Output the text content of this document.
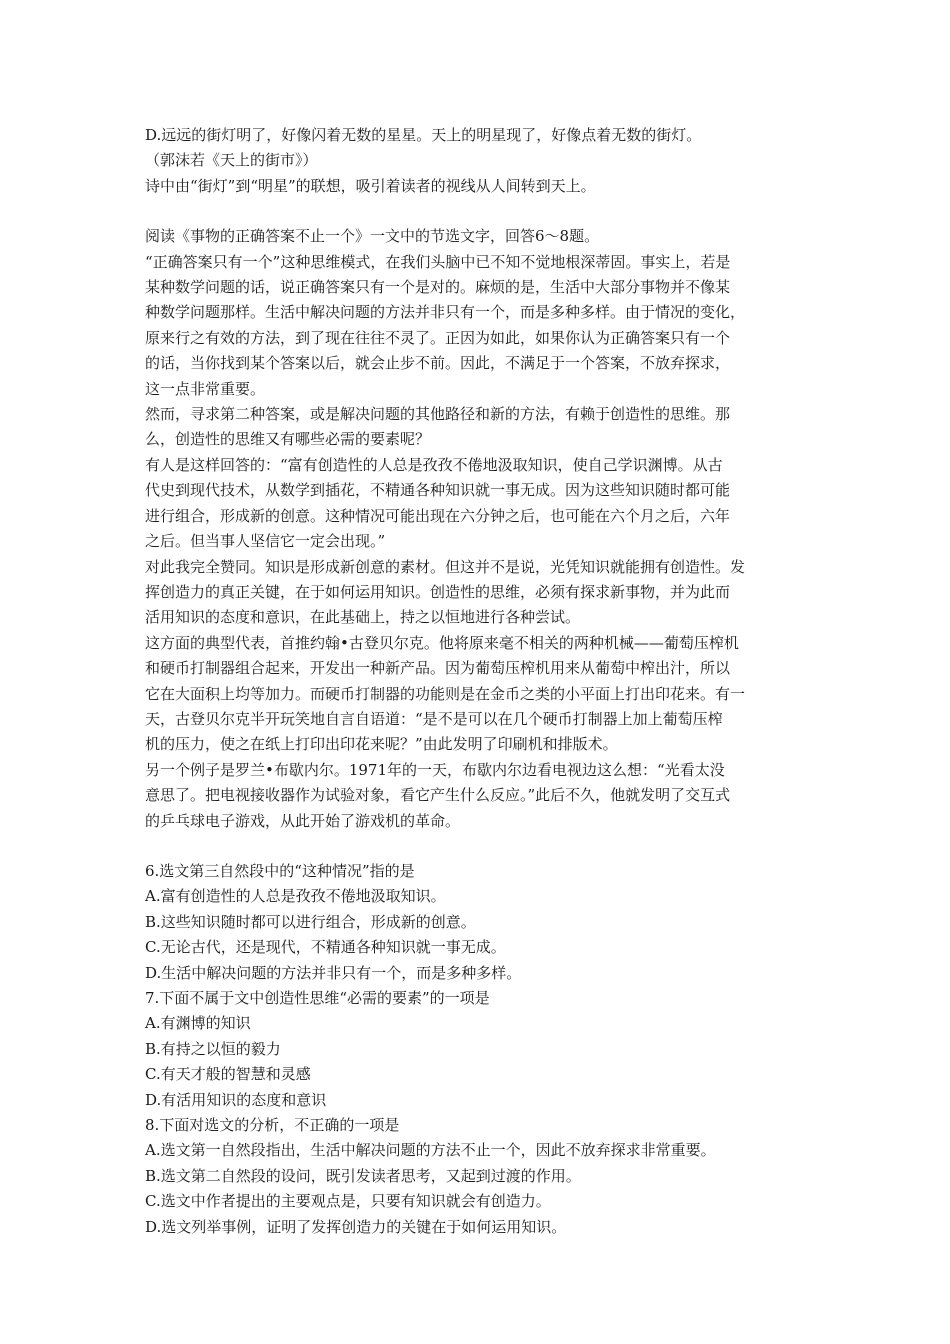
D.远远的街灯明了，好像闪着无数的星星。天上的明星现了，好像点着无数的街灯。
（郭沫若《天上的街市》）
诗中由“街灯”到“明星”的联想，吸引着读者的视线从人间转到天上。
阅读《事物的正确答案不止一个》一文中的节选文字，回答6～8题。
“正确答案只有一个”这种思维模式，在我们头脑中已不知不觉地根深蒂固。事实上，若是
某种数学问题的话，说正确答案只有一个是对的。麻烦的是，生活中大部分事物并不像某
种数学问题那样。生活中解决问题的方法并非只有一个，而是多种多样。由于情况的变化，
原来行之有效的方法，到了现在往往不灵了。正因为如此，如果你认为正确答案只有一个
的话，当你找到某个答案以后，就会止步不前。因此，不满足于一个答案，不放弃探求，
这一点非常重要。
然而，寻求第二种答案，或是解决问题的其他路径和新的方法，有赖于创造性的思维。那
么，创造性的思维又有哪些必需的要素呢？
有人是这样回答的：“富有创造性的人总是孜孜不倦地汲取知识，使自己学识渊博。从古
代史到现代技术，从数学到插花，不精通各种知识就一事无成。因为这些知识随时都可能
进行组合，形成新的创意。这种情况可能出现在六分钟之后，也可能在六个月之后，六年
之后。但当事人坚信它一定会出现。”
对此我完全赞同。知识是形成新创意的素材。但这并不是说，光凭知识就能拥有创造性。发
挥创造力的真正关键，在于如何运用知识。创造性的思维，必须有探求新事物，并为此而
活用知识的态度和意识，在此基础上，持之以恒地进行各种尝试。
这方面的典型代表，首推约翰•古登贝尔克。他将原来毫不相关的两种机械——葡萄压榨机
和硬币打制器组合起来，开发出一种新产品。因为葡萄压榨机用来从葡萄中榨出汁，所以
它在大面积上均等加力。而硬币打制器的功能则是在金币之类的小平面上打出印花来。有一
天，古登贝尔克半开玩笑地自言自语道：“是不是可以在几个硬币打制器上加上葡萄压榨
机的压力，使之在纸上打印出印花来呢？”由此发明了印刷机和排版术。
另一个例子是罗兰•布歇内尔。1971年的一天，布歇内尔边看电视边这么想：“光看太没
意思了。把电视接收器作为试验对象，看它产生什么反应。”此后不久，他就发明了交互式
的乒乓球电子游戏，从此开始了游戏机的革命。
6.选文第三自然段中的“这种情况”指的是
A.富有创造性的人总是孜孜不倦地汲取知识。
B.这些知识随时都可以进行组合，形成新的创意。
C.无论古代，还是现代，不精通各种知识就一事无成。
D.生活中解决问题的方法并非只有一个，而是多种多样。
7.下面不属于文中创造性思维“必需的要素”的一项是
A.有渊博的知识
B.有持之以恒的毅力
C.有天才般的智慧和灵感
D.有活用知识的态度和意识
8.下面对选文的分析，不正确的一项是
A.选文第一自然段指出，生活中解决问题的方法不止一个，因此不放弃探求非常重要。
B.选文第二自然段的设问，既引发读者思考，又起到过渡的作用。
C.选文中作者提出的主要观点是，只要有知识就会有创造力。
D.选文列举事例，证明了发挥创造力的关键在于如何运用知识。
